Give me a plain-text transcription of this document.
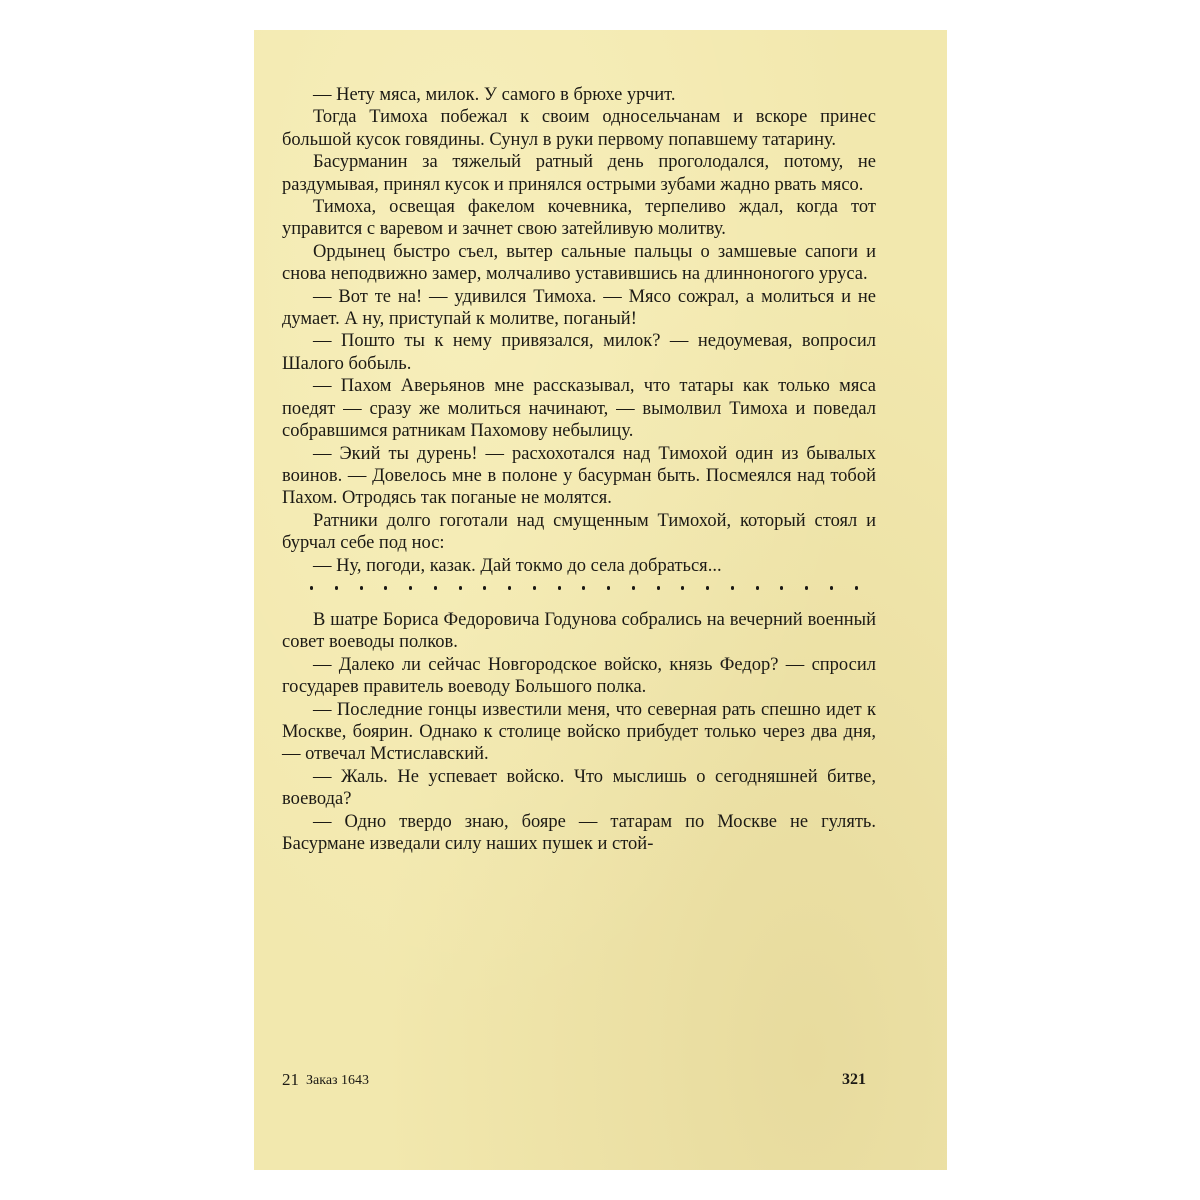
— Нету мяса, милок. У самого в брюхе урчит.

Тогда Тимоха побежал к своим односельчанам и вскоре принес большой кусок говядины. Сунул в руки первому попавшему татарину.

Басурманин за тяжелый ратный день проголодался, потому, не раздумывая, принял кусок и принялся острыми зубами жадно рвать мясо.

Тимоха, освещая факелом кочевника, терпеливо ждал, когда тот управится с варевом и зачнет свою затейливую молитву.

Ордынец быстро съел, вытер сальные пальцы о замшевые сапоги и снова неподвижно замер, молчаливо уставившись на длинноногого уруса.

— Вот те на! — удивился Тимоха. — Мясо сожрал, а молиться и не думает. А ну, приступай к молитве, поганый!

— Пошто ты к нему привязался, милок? — недоумевая, вопросил Шалого бобыль.

— Пахом Аверьянов мне рассказывал, что татары как только мяса поедят — сразу же молиться начинают, — вымолвил Тимоха и поведал собравшимся ратникам Пахомову небылицу.

— Экий ты дурень! — расхохотался над Тимохой один из бывалых воинов. — Довелось мне в полоне у басурман быть. Посмеялся над тобой Пахом. Отродясь так поганые не молятся.

Ратники долго гоготали над смущенным Тимохой, который стоял и бурчал себе под нос:

— Ну, погоди, казак. Дай токмо до села добраться...

В шатре Бориса Федоровича Годунова собрались на вечерний военный совет воеводы полков.

— Далеко ли сейчас Новгородское войско, князь Федор? — спросил государев правитель воеводу Большого полка.

— Последние гонцы известили меня, что северная рать спешно идет к Москве, боярин. Однако к столице войско прибудет только через два дня, — отвечал Мстиславский.

— Жаль. Не успевает войско. Что мыслишь о сегодняшней битве, воевода?

— Одно твердо знаю, бояре — татарам по Москве не гулять. Басурмане изведали силу наших пушек и стой-

21 Заказ 1643	321
